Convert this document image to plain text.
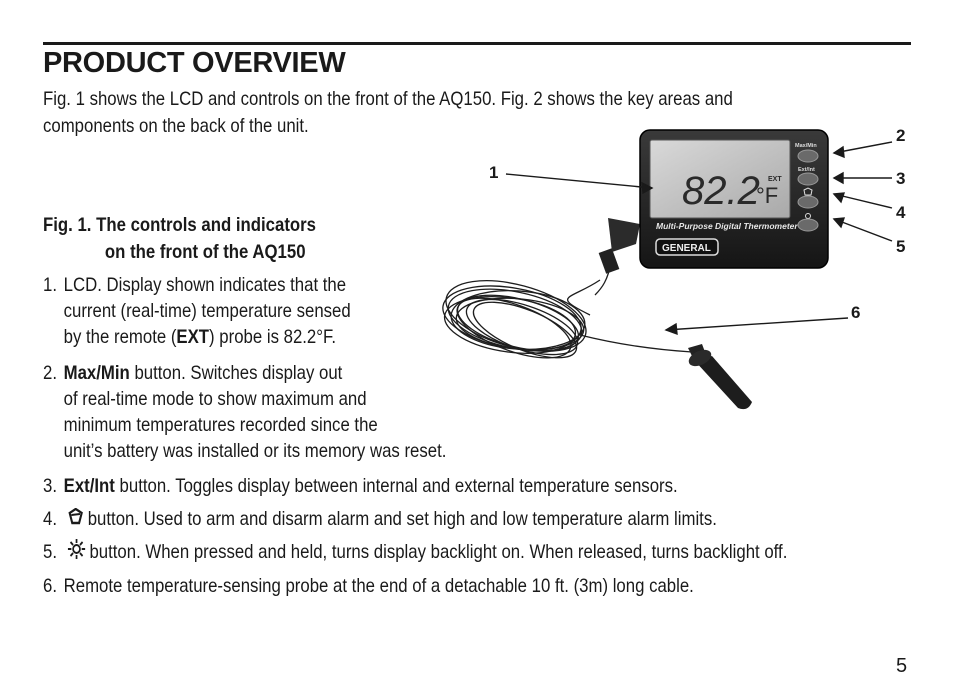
PRODUCT OVERVIEW

Fig. 1 shows the LCD and controls on the front of the AQ150. Fig. 2 shows the key areas and
components on the back of the unit.

Fig. 1. The controls and indicators
on the front of the AQ150

1. LCD. Display shown indicates that the
current (real-time) temperature sensed
by the remote (EXT) probe is 82.2°F.
2. Max/Min button. Switches display out
of real-time mode to show maximum and
minimum temperatures recorded since the
unit’s battery was installed or its memory was reset.
3. Ext/Int button. Toggles display between internal and external temperature sensors.
4. button. Used to arm and disarm alarm and set high and low temperature alarm limits.
5. button. When pressed and held, turns display backlight on. When released, turns backlight off.
6. Remote temperature-sensing probe at the end of a detachable 10 ft. (3m) long cable.
82.2
°F
EXT
Multi-Purpose Digital Thermometer
GENERAL
Max/Min
Ext/Int
1
2
3
4
5
6
5
